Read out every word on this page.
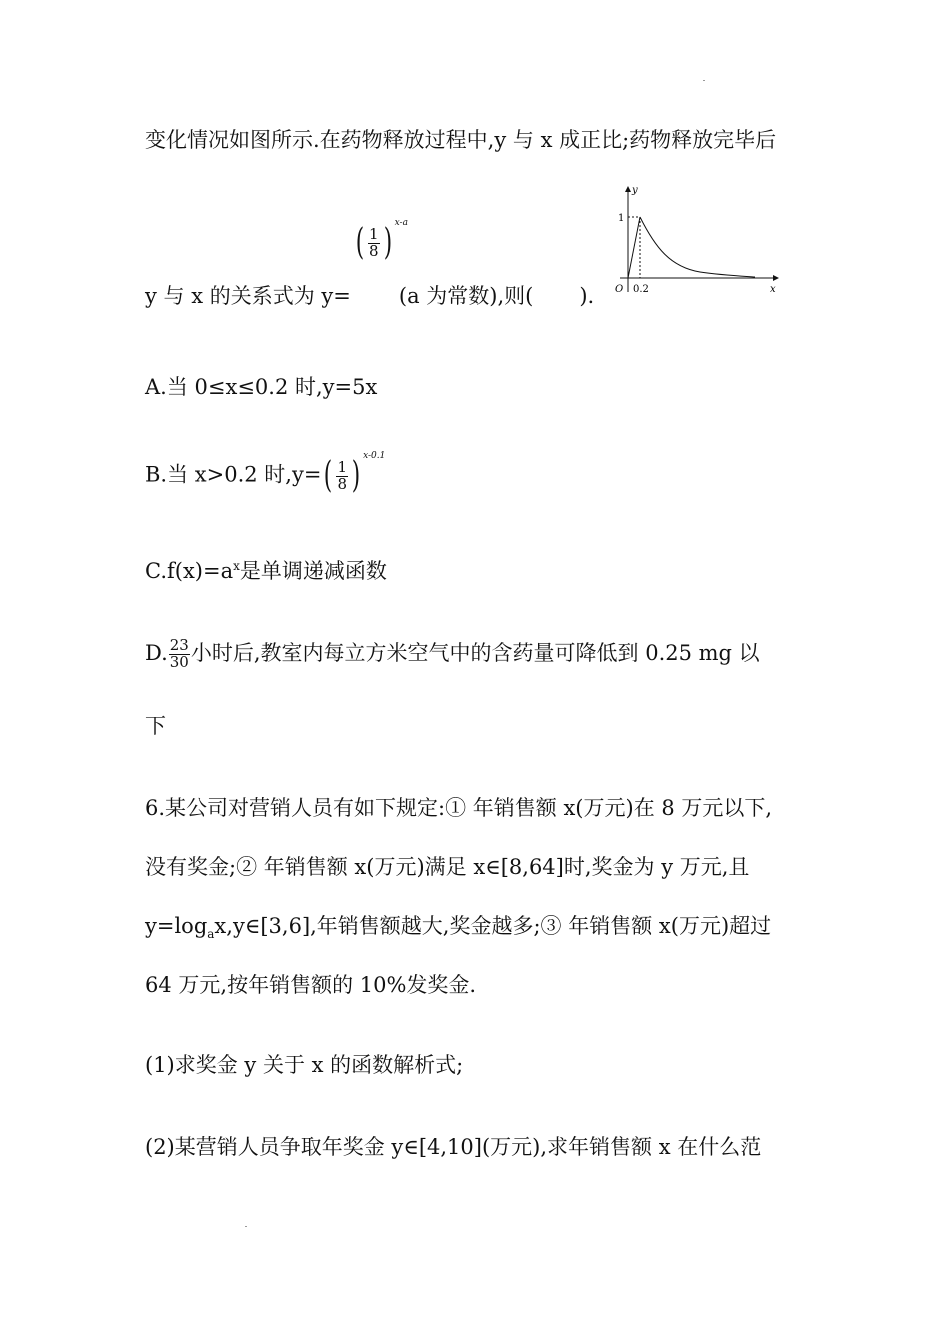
变化情况如图所示.在药物释放过程中,y 与 x 成正比;药物释放完毕后
( $\frac{1}{8}$ ) $^{x-a}$
y 与 x 的关系式为 y= (a 为常数),则( ).
y
x
O
1
0.2
A.当 0≤x≤0.2 时,y=5x
B.当 x>0.2 时$,y=( \frac{1}{8}$ ) $^{x-0.1}$
$C.f(x)=a^x$是单调递减函数
D. $\frac{23}{30}$ 小时后,教室内每立方米空气中的含药量可降低到 0.25 mg 以
下
6.某公司对营销人员有如下规定:① 年销售额 x(万元)在 8 万元以下,
没有奖金;② 年销售额 x(万元)满足 x∈[8,64]时,奖金为 y 万元,且
$y=\log_ax,y\in[3,6]$,年销售额越大,奖金越多;③ 年销售额 x(万元)超过
64 万元,按年销售额的 10%发奖金.
(1)求奖金 y 关于 x 的函数解析式;
(2)某营销人员争取年奖金 y∈[4,10](万元),求年销售额 x 在什么范
